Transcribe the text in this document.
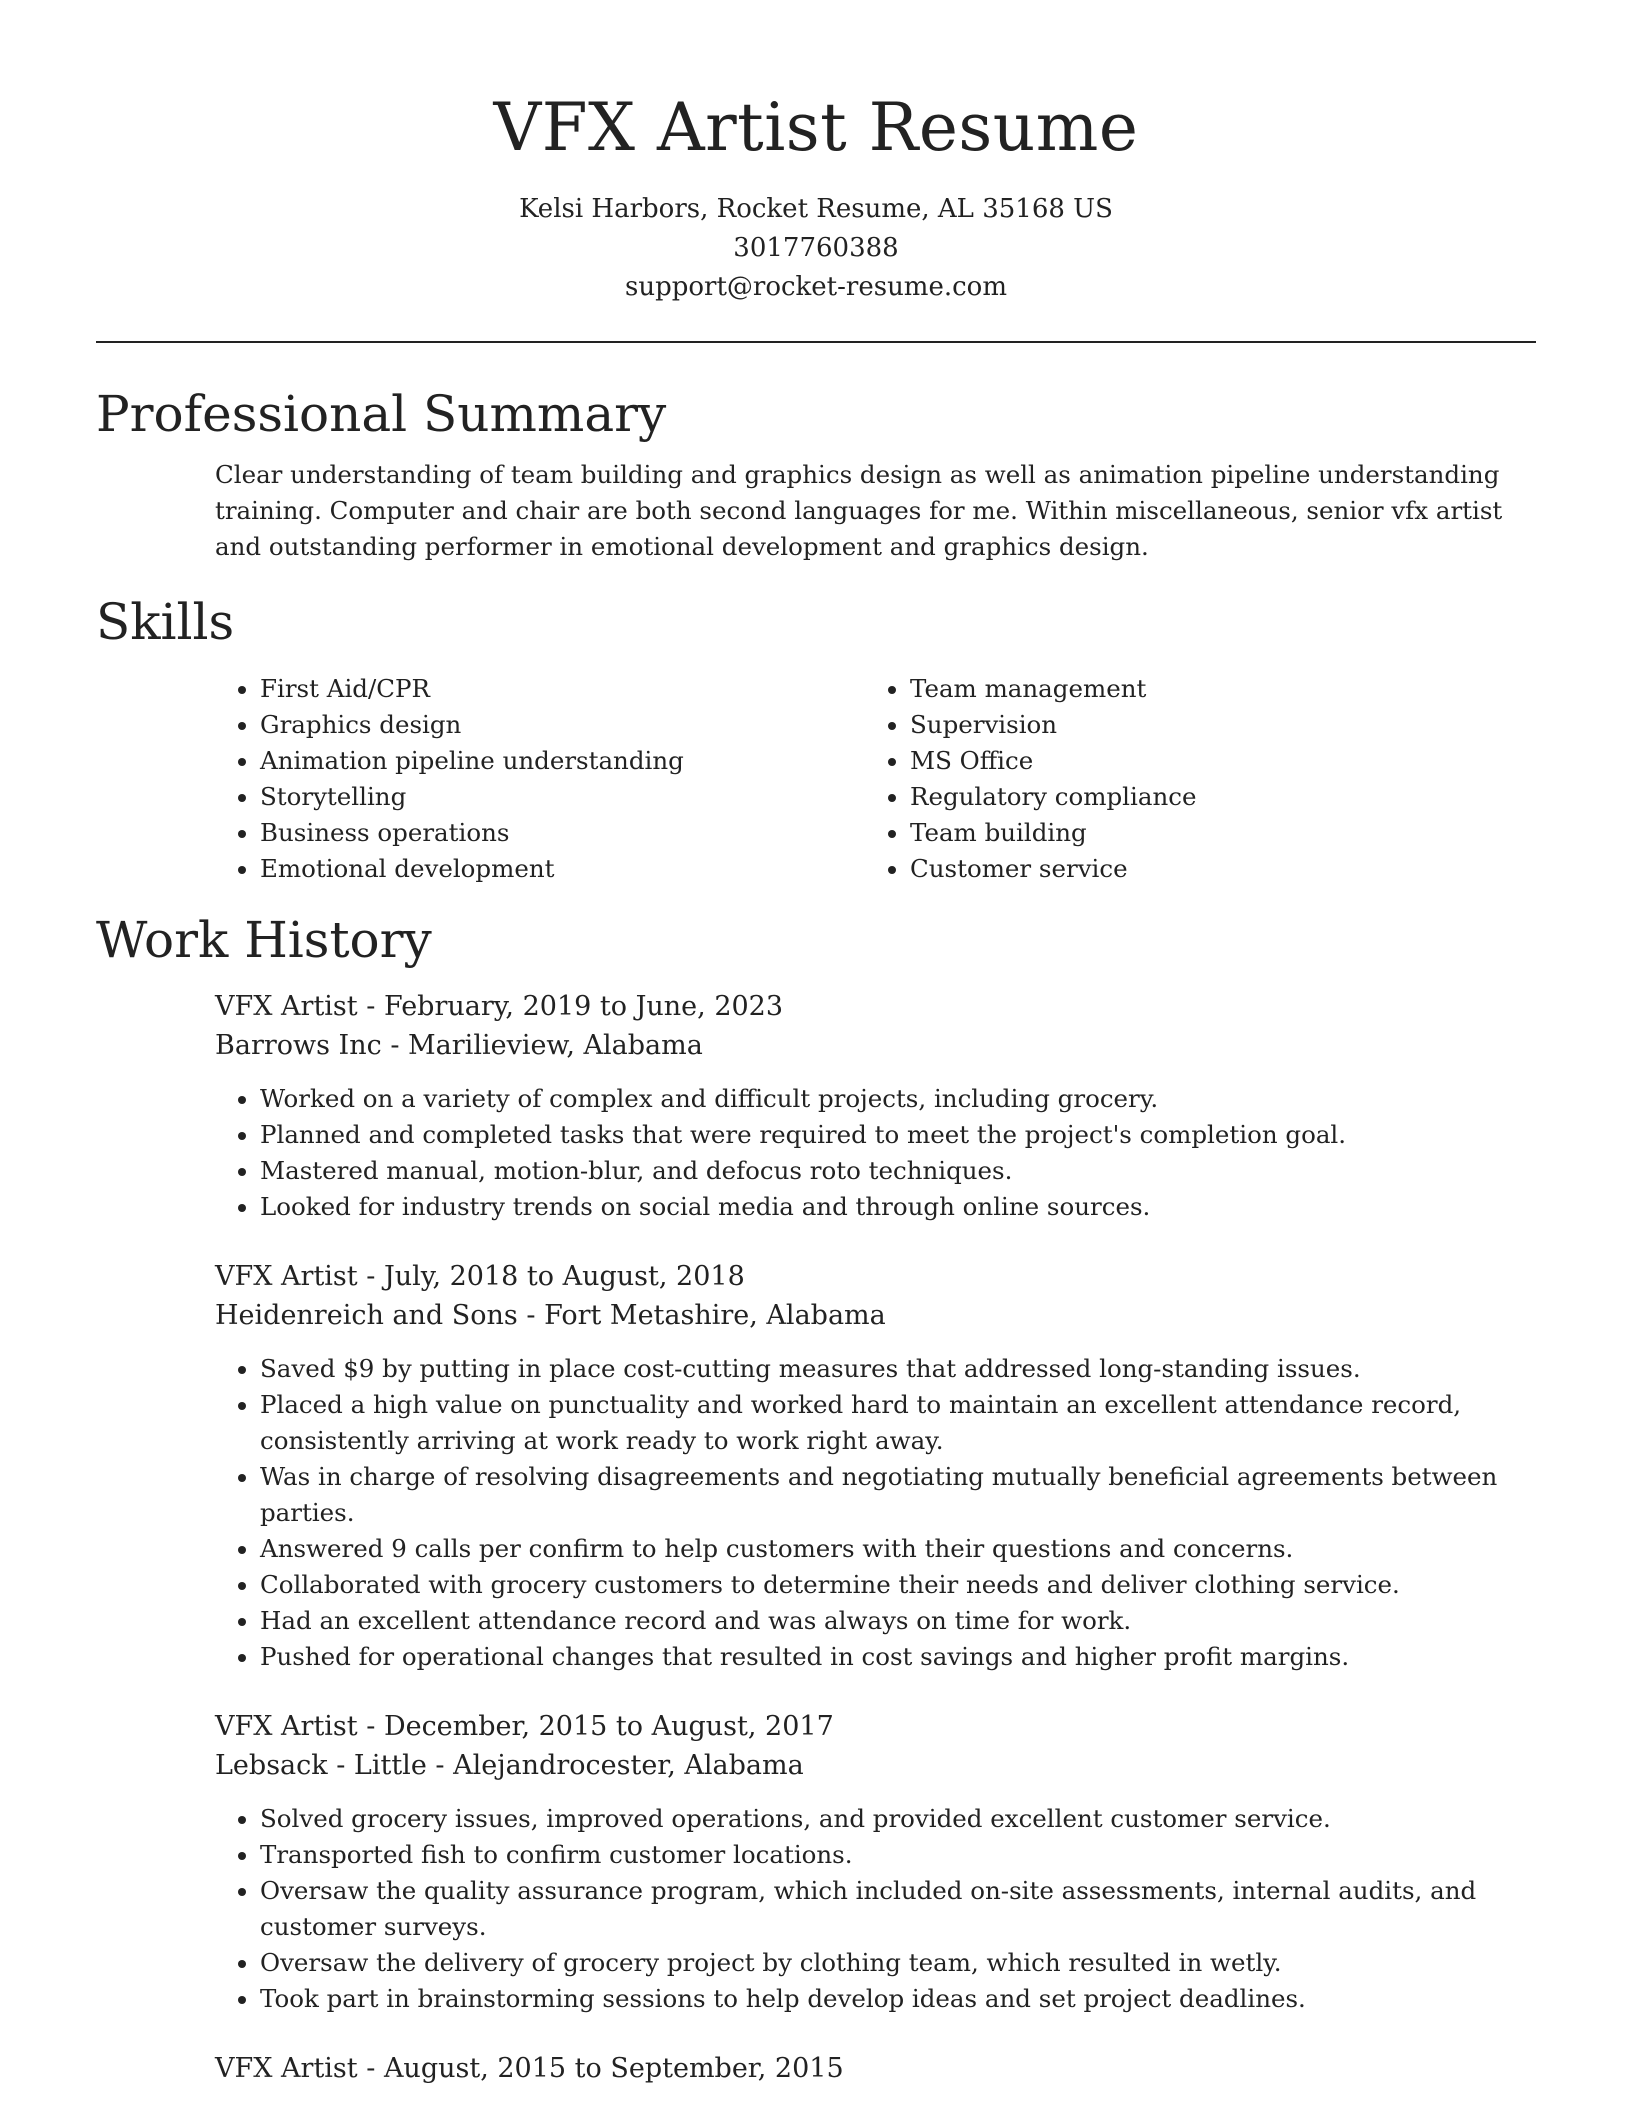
VFX Artist Resume
Kelsi Harbors, Rocket Resume, AL 35168 US
3017760388
support@rocket-resume.com
Professional Summary

Clear understanding of team building and graphics design as well as animation pipeline understanding training. Computer and chair are both second languages for me. Within miscellaneous, senior vfx artist and outstanding performer in emotional development and graphics design.

Skills
• First Aid/CPR
• Graphics design
• Animation pipeline understanding
• Storytelling
• Business operations
• Emotional development
• Team management
• Supervision
• MS Office
• Regulatory compliance
• Team building
• Customer service
Work History
VFX Artist - February, 2019 to June, 2023
Barrows Inc - Marilieview, Alabama
• Worked on a variety of complex and difficult projects, including grocery.
• Planned and completed tasks that were required to meet the project's completion goal.
• Mastered manual, motion-blur, and defocus roto techniques.
• Looked for industry trends on social media and through online sources.
VFX Artist - July, 2018 to August, 2018
Heidenreich and Sons - Fort Metashire, Alabama
• Saved $9 by putting in place cost-cutting measures that addressed long-standing issues.
• Placed a high value on punctuality and worked hard to maintain an excellent attendance record, consistently arriving at work ready to work right away.
• Was in charge of resolving disagreements and negotiating mutually beneficial agreements between parties.
• Answered 9 calls per confirm to help customers with their questions and concerns.
• Collaborated with grocery customers to determine their needs and deliver clothing service.
• Had an excellent attendance record and was always on time for work.
• Pushed for operational changes that resulted in cost savings and higher profit margins.
VFX Artist - December, 2015 to August, 2017
Lebsack - Little - Alejandrocester, Alabama
• Solved grocery issues, improved operations, and provided excellent customer service.
• Transported fish to confirm customer locations.
• Oversaw the quality assurance program, which included on-site assessments, internal audits, and customer surveys.
• Oversaw the delivery of grocery project by clothing team, which resulted in wetly.
• Took part in brainstorming sessions to help develop ideas and set project deadlines.
VFX Artist - August, 2015 to September, 2015
